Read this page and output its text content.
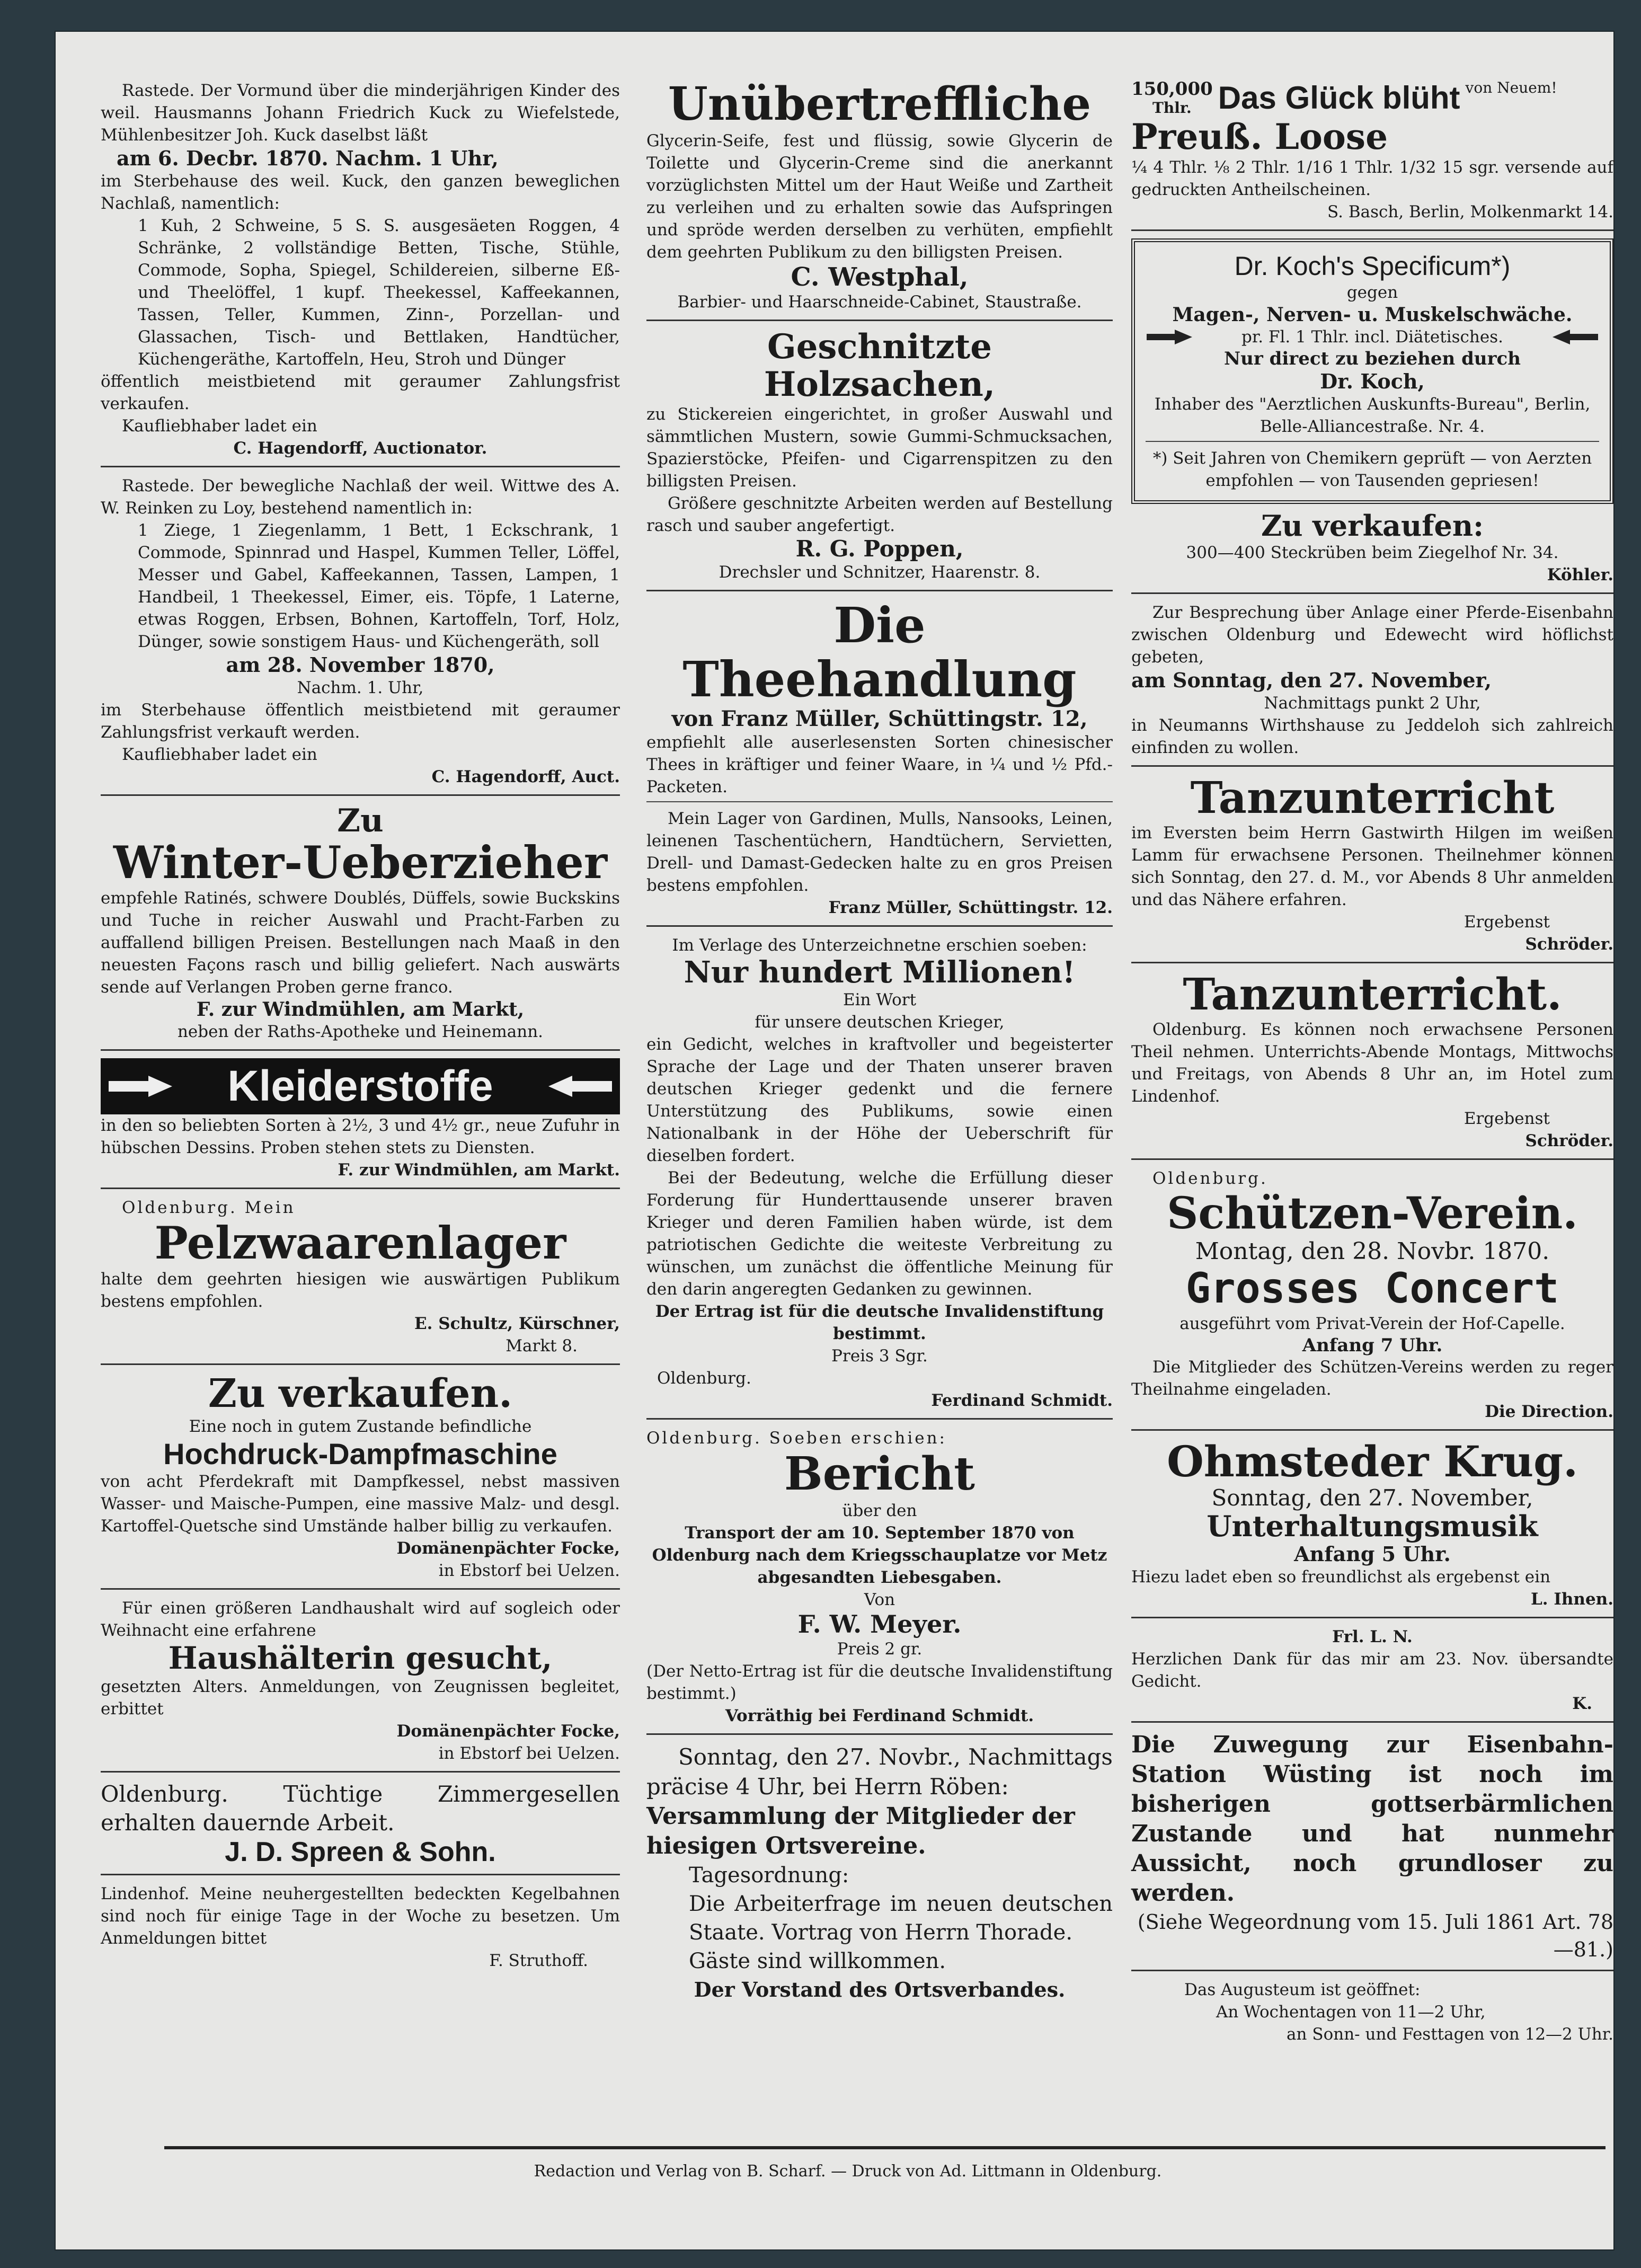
Rastede. Der Vormund über die minderjährigen Kinder des weil. Hausmanns Johann Friedrich Kuck zu Wiefelstede, Mühlenbesitzer Joh. Kuck daselbst läßt
am 6. Decbr. 1870. Nachm. 1 Uhr,
im Sterbehause des weil. Kuck, den ganzen beweglichen Nachlaß, namentlich:
1 Kuh, 2 Schweine, 5 S. S. ausgesäeten Roggen, 4 Schränke, 2 vollständige Betten, Tische, Stühle, Commode, Sopha, Spiegel, Schildereien, silberne Eß- und Theelöffel, 1 kupf. Theekessel, Kaffeekannen, Tassen, Teller, Kummen, Zinn-, Porzellan- und Glassachen, Tisch- und Bettlaken, Handtücher, Küchengeräthe, Kartoffeln, Heu, Stroh und Dünger
öffentlich meistbietend mit geraumer Zahlungsfrist verkaufen.
Kaufliebhaber ladet ein
C. Hagendorff, Auctionator.
Rastede. Der bewegliche Nachlaß der weil. Wittwe des A. W. Reinken zu Loy, bestehend namentlich in:
1 Ziege, 1 Ziegenlamm, 1 Bett, 1 Eckschrank, 1 Commode, Spinnrad und Haspel, Kummen Teller, Löffel, Messer und Gabel, Kaffeekannen, Tassen, Lampen, 1 Handbeil, 1 Theekessel, Eimer, eis. Töpfe, 1 Laterne, etwas Roggen, Erbsen, Bohnen, Kartoffeln, Torf, Holz, Dünger, sowie sonstigem Haus- und Küchengeräth, soll
am 28. November 1870,
Nachm. 1. Uhr,
im Sterbehause öffentlich meistbietend mit geraumer Zahlungsfrist verkauft werden.
Kaufliebhaber ladet ein
C. Hagendorff, Auct.
Zu
Winter-Ueberzieher
empfehle Ratinés, schwere Doublés, Düffels, sowie Buckskins und Tuche in reicher Auswahl und Pracht-Farben zu auffallend billigen Preisen. Bestellungen nach Maaß in den neuesten Façons rasch und billig geliefert. Nach auswärts sende auf Verlangen Proben gerne franco.
F. zur Windmühlen, am Markt,
neben der Raths-Apotheke und Heinemann.
Kleiderstoffe
in den so beliebten Sorten à 2½, 3 und 4½ gr., neue Zufuhr in hübschen Dessins. Proben stehen stets zu Diensten.
F. zur Windmühlen, am Markt.
Oldenburg. Mein
Pelzwaarenlager
halte dem geehrten hiesigen wie auswärtigen Publikum bestens empfohlen.
E. Schultz, Kürschner,
Markt 8.
Zu verkaufen.
Eine noch in gutem Zustande befindliche
Hochdruck-Dampfmaschine
von acht Pferdekraft mit Dampfkessel, nebst massiven Wasser- und Maische-Pumpen, eine massive Malz- und desgl. Kartoffel-Quetsche sind Umstände halber billig zu verkaufen.
Domänenpächter Focke,
in Ebstorf bei Uelzen.
Für einen größeren Landhaushalt wird auf sogleich oder Weihnacht eine erfahrene
Haushälterin gesucht,
gesetzten Alters. Anmeldungen, von Zeugnissen begleitet, erbittet
Domänenpächter Focke,
in Ebstorf bei Uelzen.
Oldenburg. Tüchtige Zimmergesellen erhalten dauernde Arbeit.
J. D. Spreen & Sohn.
Lindenhof. Meine neuhergestellten bedeckten Kegelbahnen sind noch für einige Tage in der Woche zu besetzen. Um Anmeldungen bittet
F. Struthoff.
Unübertreffliche
Glycerin-Seife, fest und flüssig, sowie Glycerin de Toilette und Glycerin-Creme sind die anerkannt vorzüglichsten Mittel um der Haut Weiße und Zartheit zu verleihen und zu erhalten sowie das Aufspringen und spröde werden derselben zu verhüten, empfiehlt dem geehrten Publikum zu den billigsten Preisen.
C. Westphal,
Barbier- und Haarschneide-Cabinet, Staustraße.
Geschnitzte Holzsachen,
zu Stickereien eingerichtet, in großer Auswahl und sämmtlichen Mustern, sowie Gummi-Schmucksachen, Spazierstöcke, Pfeifen- und Cigarrenspitzen zu den billigsten Preisen.
Größere geschnitzte Arbeiten werden auf Bestellung rasch und sauber angefertigt.
R. G. Poppen,
Drechsler und Schnitzer, Haarenstr. 8.
Die Theehandlung
von Franz Müller, Schüttingstr. 12,
empfiehlt alle auserlesensten Sorten chinesischer Thees in kräftiger und feiner Waare, in ¼ und ½ Pfd.-Packeten.
Mein Lager von Gardinen, Mulls, Nansooks, Leinen, leinenen Taschentüchern, Handtüchern, Servietten, Drell- und Damast-Gedecken halte zu en gros Preisen bestens empfohlen.
Franz Müller, Schüttingstr. 12.
Im Verlage des Unterzeichnetne erschien soeben:
Nur hundert Millionen!
Ein Wort
für unsere deutschen Krieger,
ein Gedicht, welches in kraftvoller und begeisterter Sprache der Lage und der Thaten unserer braven deutschen Krieger gedenkt und die fernere Unterstützung des Publikums, sowie einen Nationalbank in der Höhe der Ueberschrift für dieselben fordert.
Bei der Bedeutung, welche die Erfüllung dieser Forderung für Hunderttausende unserer braven Krieger und deren Familien haben würde, ist dem patriotischen Gedichte die weiteste Verbreitung zu wünschen, um zunächst die öffentliche Meinung für den darin angeregten Gedanken zu gewinnen.
Der Ertrag ist für die deutsche Invalidenstiftung bestimmt.
Preis 3 Sgr.
Oldenburg.
Ferdinand Schmidt.
Oldenburg. Soeben erschien:
Bericht
über den
Transport der am 10. September 1870 von Oldenburg nach dem Kriegsschauplatze vor Metz abgesandten Liebesgaben.
Von
F. W. Meyer.
Preis 2 gr.
(Der Netto-Ertrag ist für die deutsche Invalidenstiftung bestimmt.)
Vorräthig bei Ferdinand Schmidt.
Sonntag, den 27. Novbr., Nachmittags präcise 4 Uhr, bei Herrn Röben:
Versammlung der Mitglieder der hiesigen Ortsvereine.
Tagesordnung:
Die Arbeiterfrage im neuen deutschen Staate. Vortrag von Herrn Thorade.
Gäste sind willkommen.
Der Vorstand des Ortsverbandes.
150,000
Thlr. Das Glück blüht von Neuem!
Preuß. Loose
¼ 4 Thlr. ⅛ 2 Thlr. 1/16 1 Thlr. 1/32 15 sgr. versende auf gedruckten Antheilscheinen.
S. Basch, Berlin, Molkenmarkt 14.
Dr. Koch's Specificum*)
gegen
Magen-, Nerven- u. Muskelschwäche.
pr. Fl. 1 Thlr. incl. Diätetisches.
Nur direct zu beziehen durch
Dr. Koch,
Inhaber des "Aerztlichen Auskunfts-Bureau", Berlin, Belle-Alliancestraße. Nr. 4.
*) Seit Jahren von Chemikern geprüft — von Aerzten empfohlen — von Tausenden gepriesen!
Zu verkaufen:
300—400 Steckrüben beim Ziegelhof Nr. 34.
Köhler.
Zur Besprechung über Anlage einer Pferde-Eisenbahn zwischen Oldenburg und Edewecht wird höflichst gebeten,
am Sonntag, den 27. November,
Nachmittags punkt 2 Uhr,
in Neumanns Wirthshause zu Jeddeloh sich zahlreich einfinden zu wollen.
Tanzunterricht
im Eversten beim Herrn Gastwirth Hilgen im weißen Lamm für erwachsene Personen. Theilnehmer können sich Sonntag, den 27. d. M., vor Abends 8 Uhr anmelden und das Nähere erfahren.
Ergebenst
Schröder.
Tanzunterricht.
Oldenburg. Es können noch erwachsene Personen Theil nehmen. Unterrichts-Abende Montags, Mittwochs und Freitags, von Abends 8 Uhr an, im Hotel zum Lindenhof.
Ergebenst
Schröder.
Oldenburg.
Schützen-Verein.
Montag, den 28. Novbr. 1870.
Grosses Concert
ausgeführt vom Privat-Verein der Hof-Capelle.
Anfang 7 Uhr.
Die Mitglieder des Schützen-Vereins werden zu reger Theilnahme eingeladen.
Die Direction.
Ohmsteder Krug.
Sonntag, den 27. November,
Unterhaltungsmusik
Anfang 5 Uhr.
Hiezu ladet eben so freundlichst als ergebenst ein
L. Ihnen.
Frl. L. N.
Herzlichen Dank für das mir am 23. Nov. übersandte Gedicht.
K.
Die Zuwegung zur Eisenbahn-Station Wüsting ist noch im bisherigen gottserbärmlichen Zustande und hat nunmehr Aussicht, noch grundloser zu werden.
(Siehe Wegeordnung vom 15. Juli 1861 Art. 78—81.)
Das Augusteum ist geöffnet:
An Wochentagen von 11—2 Uhr,
an Sonn- und Festtagen von 12—2 Uhr.
Redaction und Verlag von B. Scharf. — Druck von Ad. Littmann in Oldenburg.
